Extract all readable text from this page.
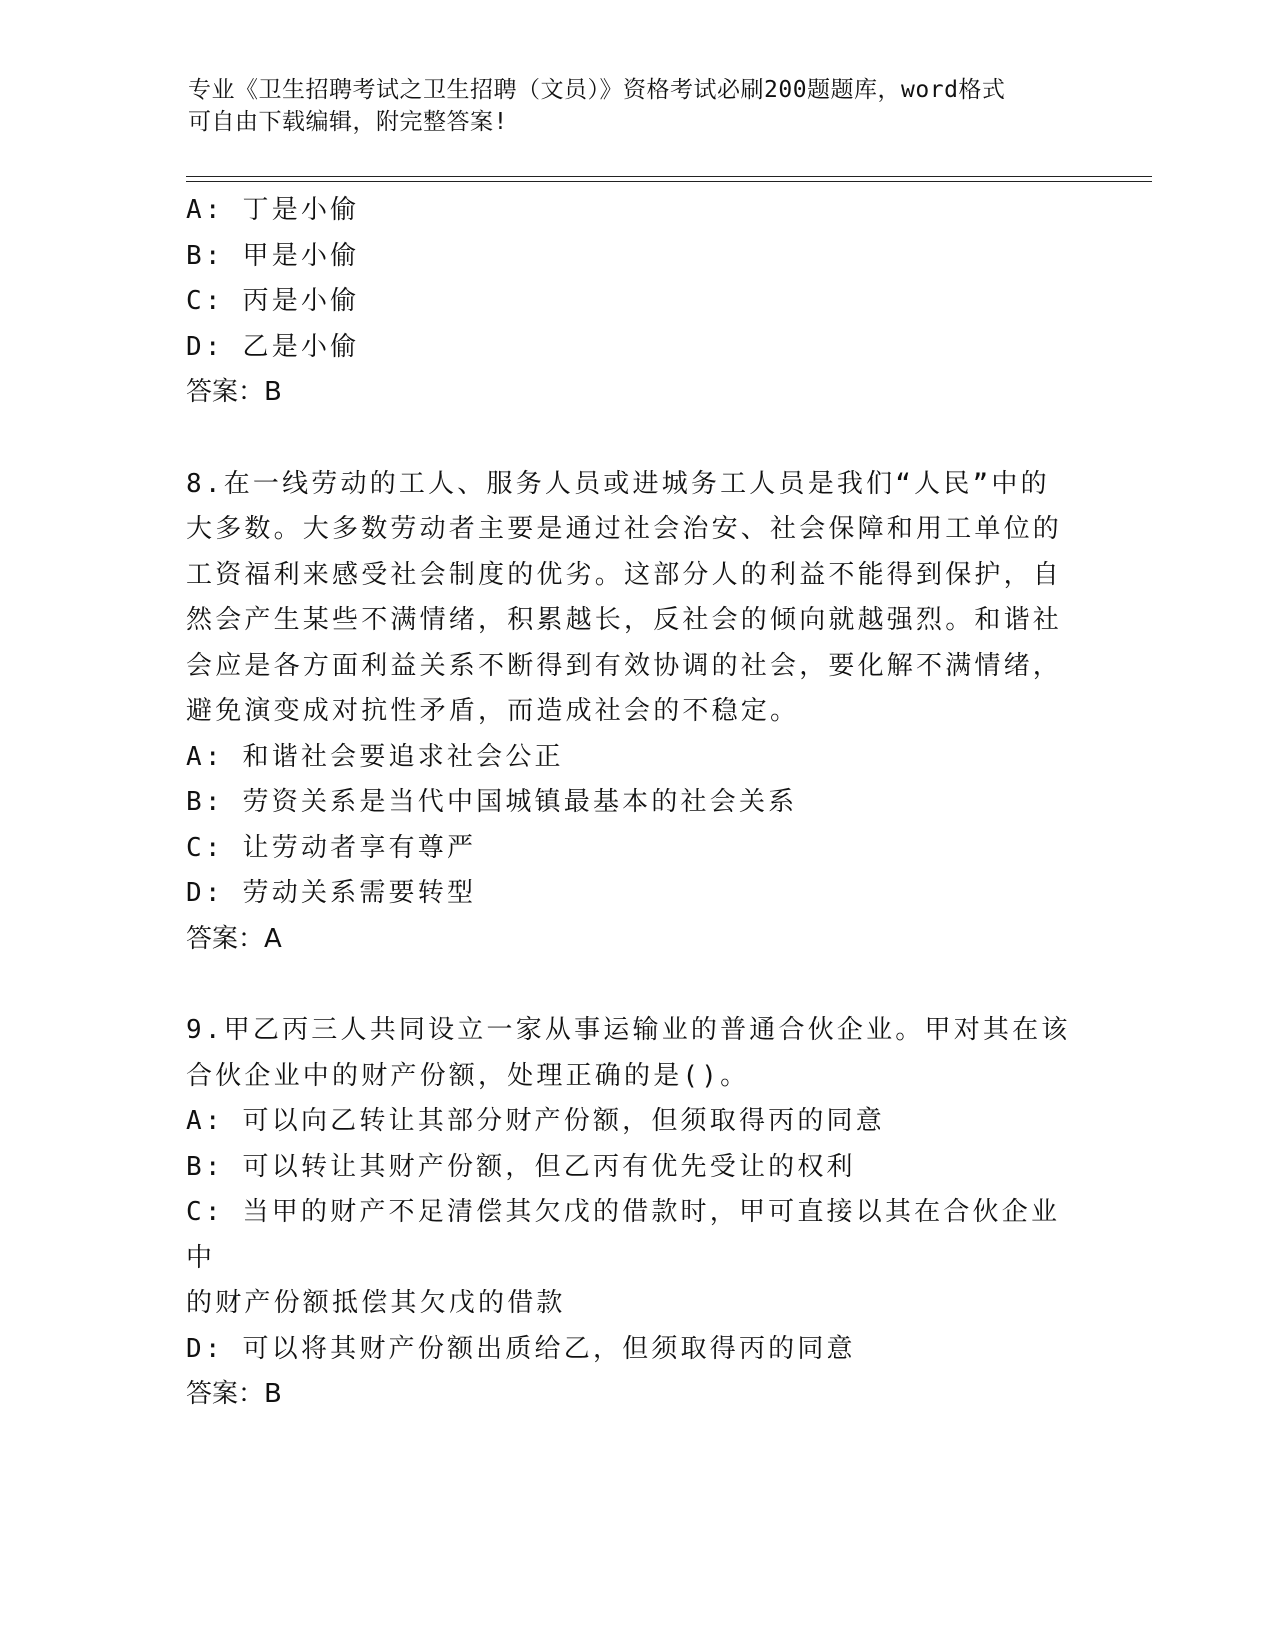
专业《卫生招聘考试之卫生招聘（文员）》资格考试必刷200题题库，word格式
可自由下载编辑，附完整答案!

A: 丁是小偷

B: 甲是小偷

C: 丙是小偷

D: 乙是小偷

答案：B

8.在一线劳动的工人、服务人员或进城务工人员是我们“人民”中的

大多数。大多数劳动者主要是通过社会治安、社会保障和用工单位的

工资福利来感受社会制度的优劣。这部分人的利益不能得到保护，自

然会产生某些不满情绪，积累越长，反社会的倾向就越强烈。和谐社

会应是各方面利益关系不断得到有效协调的社会，要化解不满情绪，

避免演变成对抗性矛盾，而造成社会的不稳定。

A: 和谐社会要追求社会公正

B: 劳资关系是当代中国城镇最基本的社会关系

C: 让劳动者享有尊严

D: 劳动关系需要转型

答案：A

9.甲乙丙三人共同设立一家从事运输业的普通合伙企业。甲对其在该

合伙企业中的财产份额，处理正确的是()。

A: 可以向乙转让其部分财产份额，但须取得丙的同意

B: 可以转让其财产份额，但乙丙有优先受让的权利

C: 当甲的财产不足清偿其欠戊的借款时，甲可直接以其在合伙企业中

的财产份额抵偿其欠戊的借款

D: 可以将其财产份额出质给乙，但须取得丙的同意

答案：B
